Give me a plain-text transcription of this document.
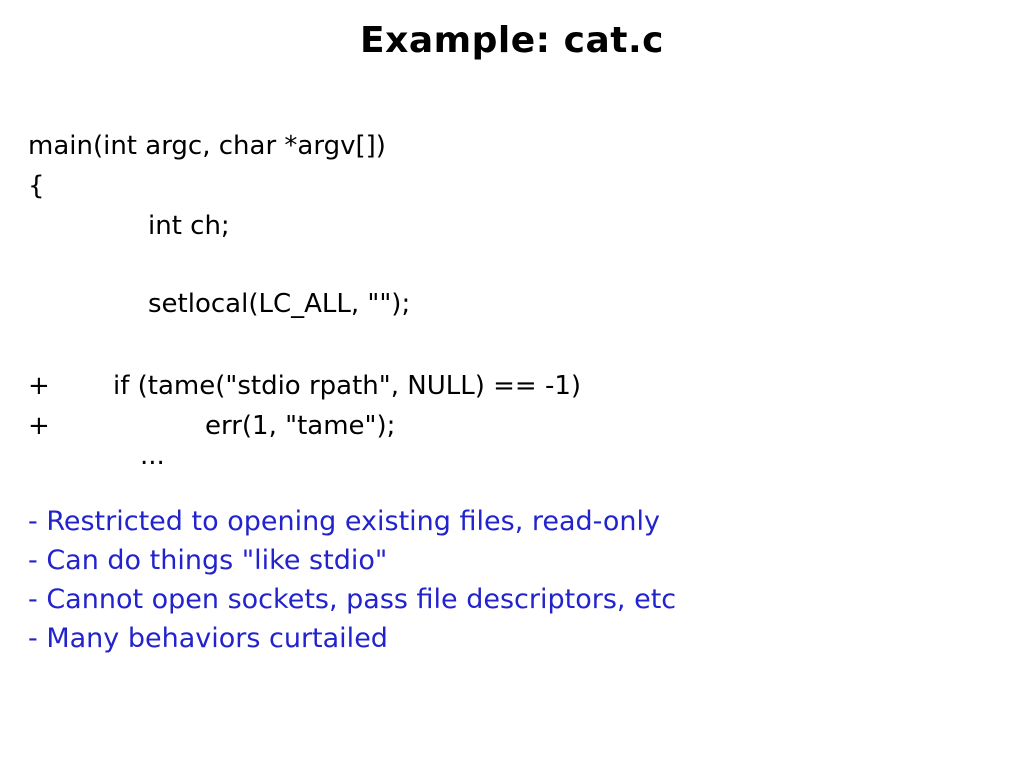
Example: cat.c
main(int argc, char *argv[])
{
int ch;
setlocal(LC_ALL, "");
+ if (tame("stdio rpath", NULL) == -1)
+	err(1, "tame");
...
- Restricted to opening existing files, read-only
- Can do things "like stdio"
- Cannot open sockets, pass file descriptors, etc
- Many behaviors curtailed
